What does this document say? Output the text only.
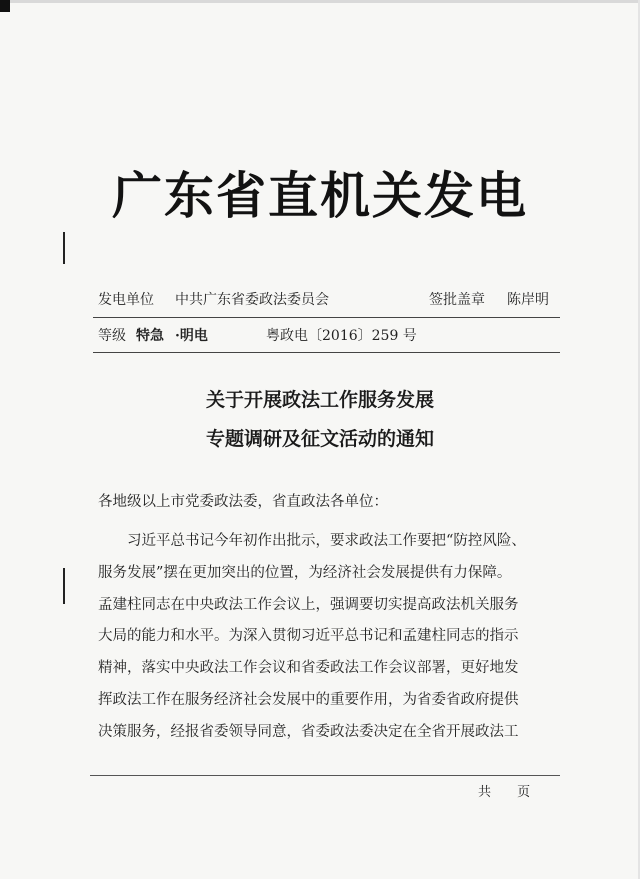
广东省直机关发电
发电单位 中共广东省委政法委员会	签批盖章 陈岸明
等级 特急 ·明电	粤政电〔2016〕259 号
关于开展政法工作服务发展
专题调研及征文活动的通知
各地级以上市党委政法委，省直政法各单位：
习近平总书记今年初作出批示，要求政法工作要把“防控风险、
服务发展”摆在更加突出的位置，为经济社会发展提供有力保障。
孟建柱同志在中央政法工作会议上，强调要切实提高政法机关服务
大局的能力和水平。为深入贯彻习近平总书记和孟建柱同志的指示
精神，落实中央政法工作会议和省委政法工作会议部署，更好地发
挥政法工作在服务经济社会发展中的重要作用，为省委省政府提供
决策服务，经报省委领导同意，省委政法委决定在全省开展政法工
共 页
